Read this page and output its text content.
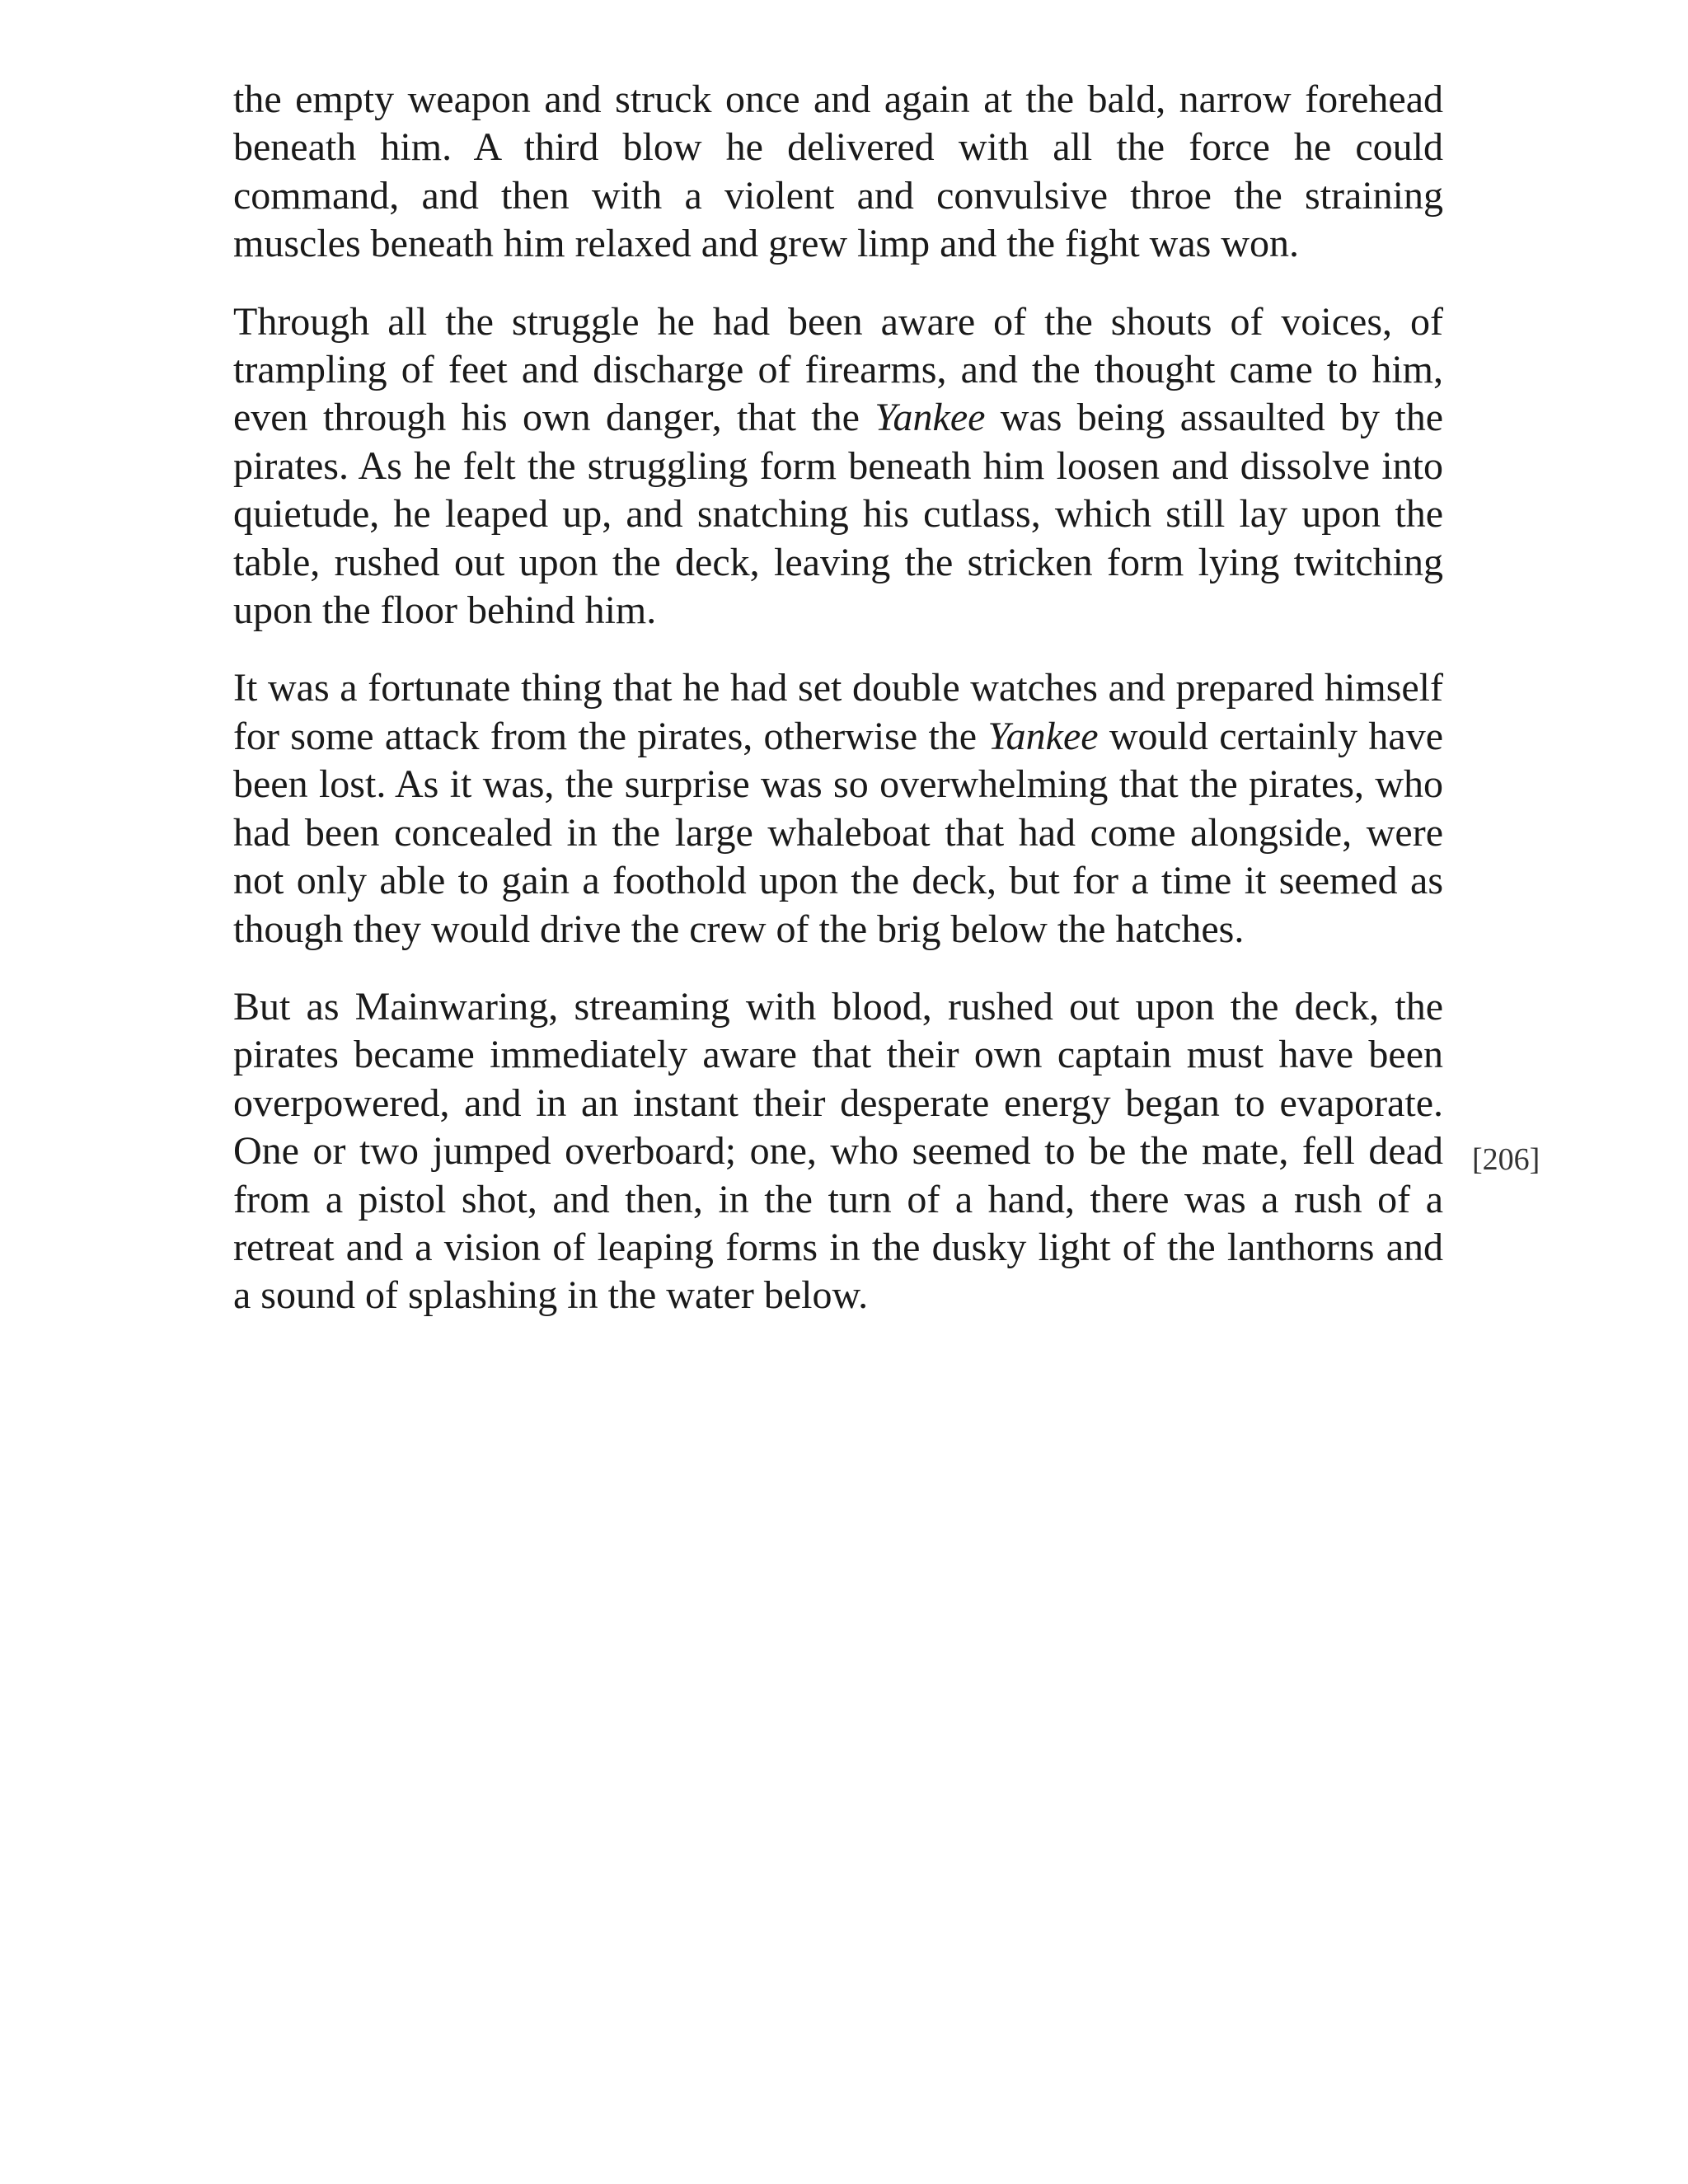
the empty weapon and struck once and again at the bald, narrow forehead beneath him. A third blow he delivered with all the force he could command, and then with a violent and convulsive throe the straining muscles beneath him relaxed and grew limp and the fight was won.

Through all the struggle he had been aware of the shouts of voices, of trampling of feet and discharge of firearms, and the thought came to him, even through his own danger, that the Yankee was being assaulted by the pirates. As he felt the struggling form beneath him loosen and dissolve into quietude, he leaped up, and snatching his cutlass, which still lay upon the table, rushed out upon the deck, leaving the stricken form lying twitching upon the floor behind him.

It was a fortunate thing that he had set double watches and prepared himself for some attack from the pirates, otherwise the Yankee would certainly have been lost. As it was, the surprise was so overwhelming that the pirates, who had been concealed in the large whaleboat that had come alongside, were not only able to gain a foothold upon the deck, but for a time it seemed as though they would drive the crew of the brig below the hatches.

But as Mainwaring, streaming with blood, rushed out upon the deck, the pirates became immediately aware that their own captain must have been overpowered, and in an instant their desperate energy began to evaporate. One or two jumped overboard; one, who seemed to be the mate, fell dead from a pistol shot, and then, in the turn of a hand, there was a rush of a retreat and a vision of leaping forms in the dusky light of the lanthorns and a sound of splashing in the water below.

[206]
